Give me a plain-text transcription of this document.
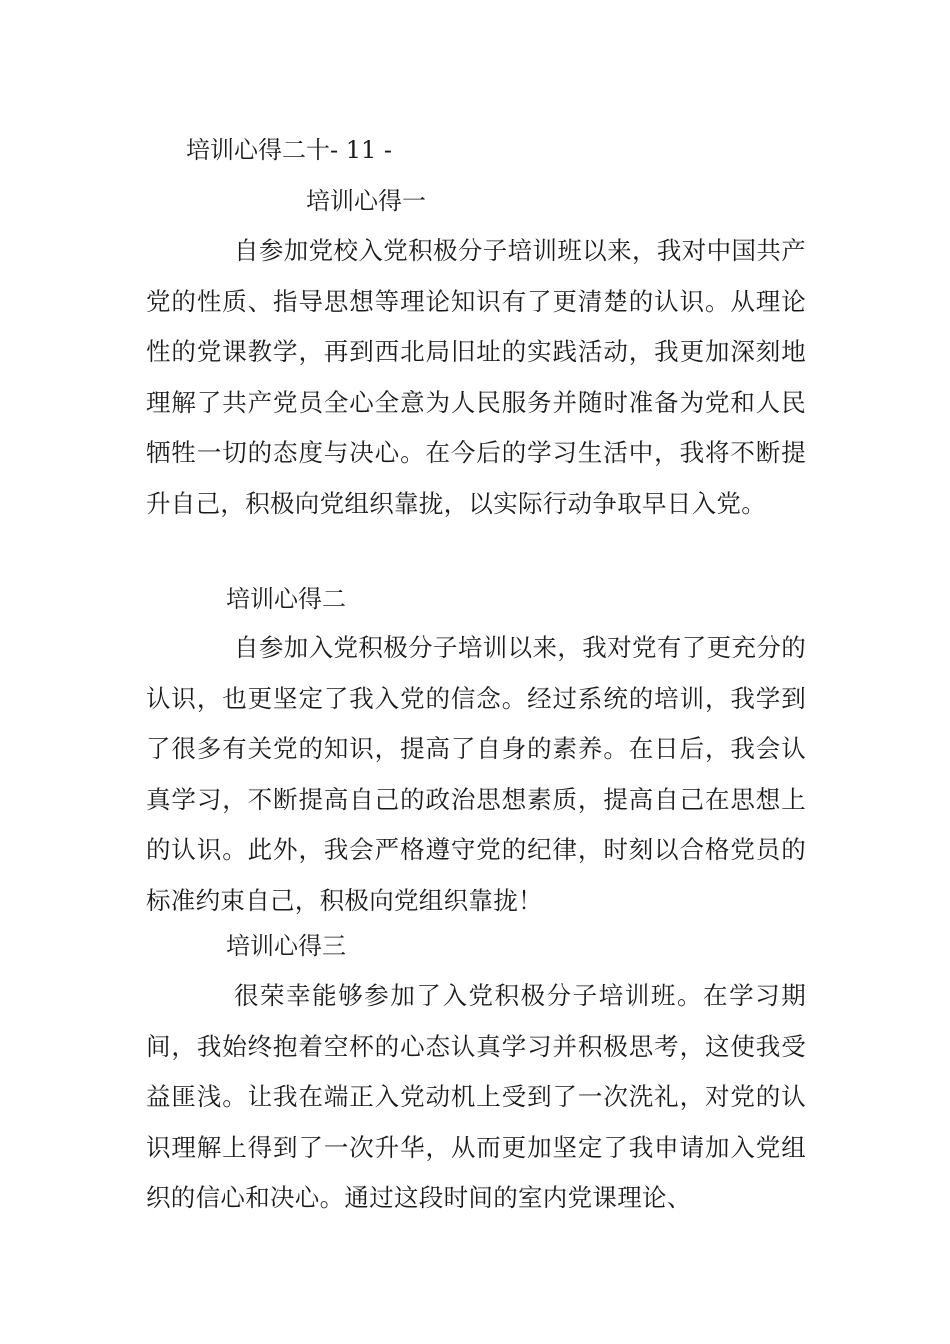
培训心得二十- 11 -
培训心得一
自参加党校入党积极分子培训班以来，我对中国共产党的性质、指导思想等理论知识有了更清楚的认识。从理论性的党课教学，再到西北局旧址的实践活动，我更加深刻地理解了共产党员全心全意为人民服务并随时准备为党和人民牺牲一切的态度与决心。在今后的学习生活中，我将不断提升自己，积极向党组织靠拢，以实际行动争取早日入党。
培训心得二
自参加入党积极分子培训以来，我对党有了更充分的认识，也更坚定了我入党的信念。经过系统的培训，我学到了很多有关党的知识，提高了自身的素养。在日后，我会认真学习，不断提高自己的政治思想素质，提高自己在思想上的认识。此外，我会严格遵守党的纪律，时刻以合格党员的标准约束自己，积极向党组织靠拢！
培训心得三
很荣幸能够参加了入党积极分子培训班。在学习期间，我始终抱着空杯的心态认真学习并积极思考，这使我受益匪浅。让我在端正入党动机上受到了一次洗礼，对党的认识理解上得到了一次升华，从而更加坚定了我申请加入党组织的信心和决心。通过这段时间的室内党课理论、
